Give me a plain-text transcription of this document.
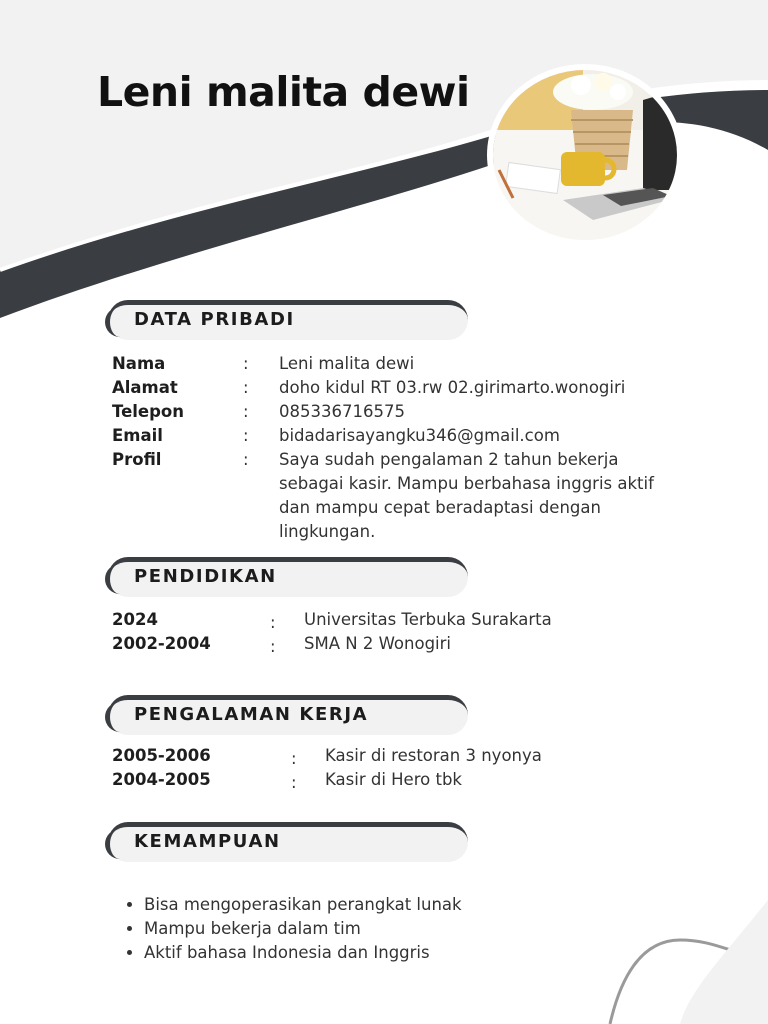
Leni malita dewi
DATA PRIBADI
Nama	: Leni malita dewi
Alamat	: doho kidul RT 03.rw 02.girimarto.wonogiri
Telepon	: 085336716575
Email	: bidadarisayangku346@gmail.com
Profil	: Saya sudah pengalaman 2 tahun bekerja
sebagai kasir. Mampu berbahasa inggris aktif
dan mampu cepat beradaptasi dengan
lingkungan.
PENDIDIKAN
2024	: Universitas Terbuka Surakarta
2002-2004	: SMA N 2 Wonogiri
PENGALAMAN KERJA
2005-2006	: Kasir di restoran 3 nyonya
2004-2005	: Kasir di Hero tbk
KEMAMPUAN
• Bisa mengoperasikan perangkat lunak
• Mampu bekerja dalam tim
• Aktif bahasa Indonesia dan Inggris
